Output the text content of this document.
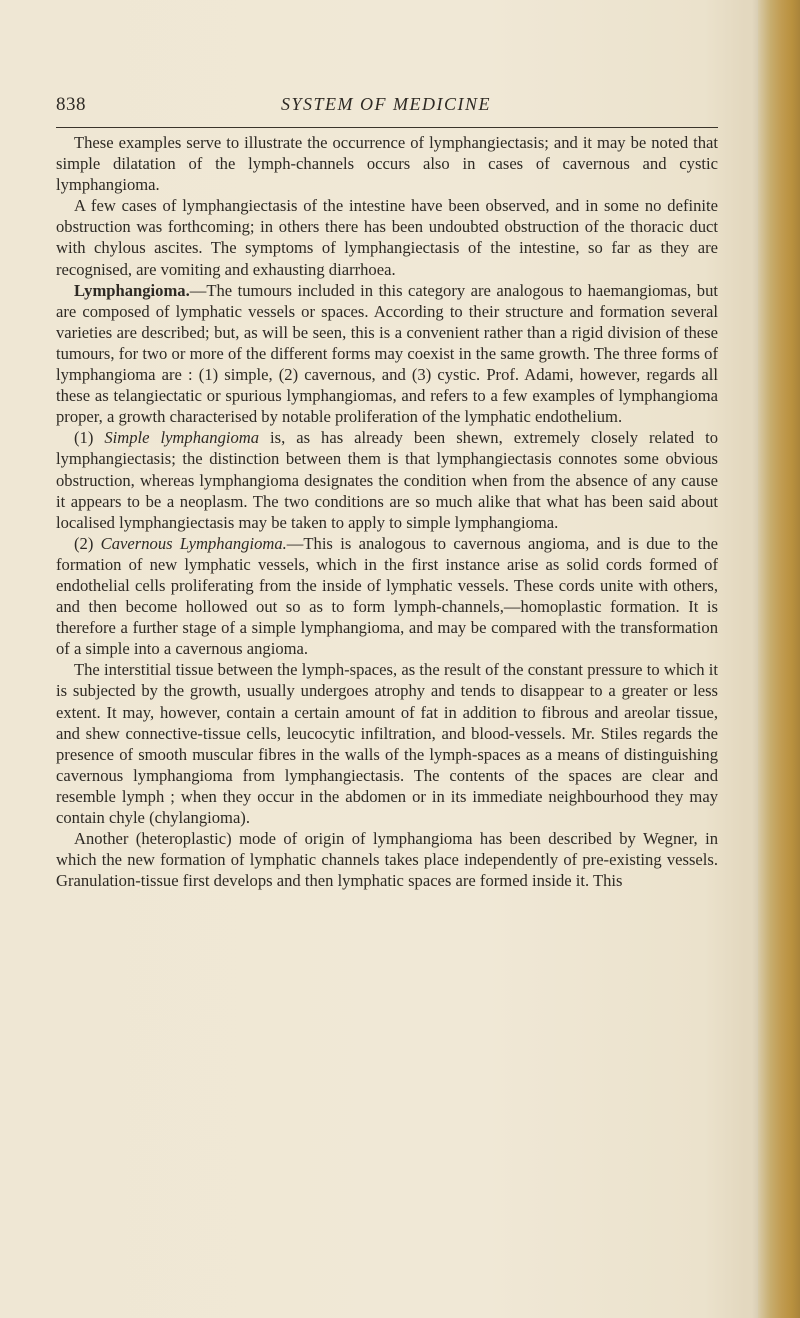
838	SYSTEM OF MEDICINE

These examples serve to illustrate the occurrence of lymphangiectasis; and it may be noted that simple dilatation of the lymph-channels occurs also in cases of cavernous and cystic lymphangioma.

A few cases of lymphangiectasis of the intestine have been observed, and in some no definite obstruction was forthcoming; in others there has been undoubted obstruction of the thoracic duct with chylous ascites. The symptoms of lymphangiectasis of the intestine, so far as they are recognised, are vomiting and exhausting diarrhoea.

Lymphangioma.—The tumours included in this category are analogous to haemangiomas, but are composed of lymphatic vessels or spaces. According to their structure and formation several varieties are described; but, as will be seen, this is a convenient rather than a rigid division of these tumours, for two or more of the different forms may coexist in the same growth. The three forms of lymphangioma are : (1) simple, (2) cavernous, and (3) cystic. Prof. Adami, however, regards all these as telangiectatic or spurious lymphangiomas, and refers to a few examples of lymphangioma proper, a growth characterised by notable proliferation of the lymphatic endothelium.

(1) Simple lymphangioma is, as has already been shewn, extremely closely related to lymphangiectasis; the distinction between them is that lymphangiectasis connotes some obvious obstruction, whereas lymphangioma designates the condition when from the absence of any cause it appears to be a neoplasm. The two conditions are so much alike that what has been said about localised lymphangiectasis may be taken to apply to simple lymphangioma.

(2) Cavernous Lymphangioma.—This is analogous to cavernous angioma, and is due to the formation of new lymphatic vessels, which in the first instance arise as solid cords formed of endothelial cells proliferating from the inside of lymphatic vessels. These cords unite with others, and then become hollowed out so as to form lymph-channels,—homoplastic formation. It is therefore a further stage of a simple lymphangioma, and may be compared with the transformation of a simple into a cavernous angioma.

The interstitial tissue between the lymph-spaces, as the result of the constant pressure to which it is subjected by the growth, usually undergoes atrophy and tends to disappear to a greater or less extent. It may, however, contain a certain amount of fat in addition to fibrous and areolar tissue, and shew connective-tissue cells, leucocytic infiltration, and blood-vessels. Mr. Stiles regards the presence of smooth muscular fibres in the walls of the lymph-spaces as a means of distinguishing cavernous lymphangioma from lymphangiectasis. The contents of the spaces are clear and resemble lymph ; when they occur in the abdomen or in its immediate neighbourhood they may contain chyle (chylangioma).

Another (heteroplastic) mode of origin of lymphangioma has been described by Wegner, in which the new formation of lymphatic channels takes place independently of pre-existing vessels. Granulation-tissue first develops and then lymphatic spaces are formed inside it. This
